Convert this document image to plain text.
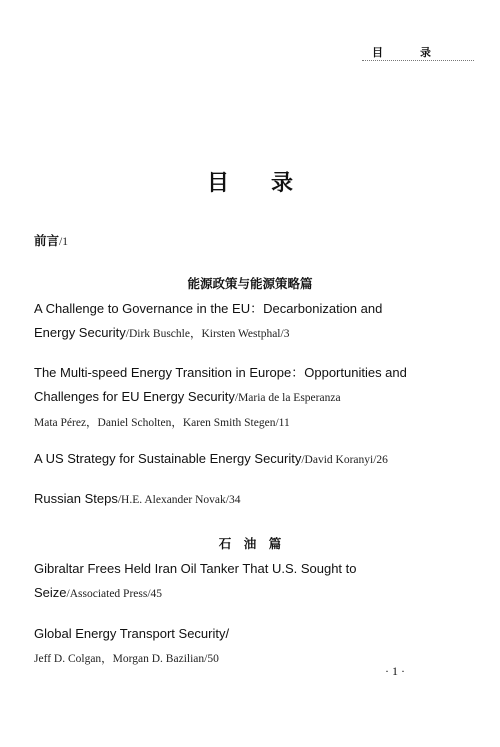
目	录
目 录
前言/1
能源政策与能源策略篇
A Challenge to Governance in the EU：Decarbonization and
Energy Security/Dirk Buschle，Kirsten Westphal/3
The Multi-speed Energy Transition in Europe：Opportunities and
Challenges for EU Energy Security/Maria de la Esperanza
Mata Pérez，Daniel Scholten，Karen Smith Stegen/11
A US Strategy for Sustainable Energy Security/David Koranyi/26
Russian Steps/H.E. Alexander Novak/34
石　油　篇
Gibraltar Frees Held Iran Oil Tanker That U.S. Sought to
Seize/Associated Press/45
Global Energy Transport Security/
Jeff D. Colgan，Morgan D. Bazilian/50
· 1 ·
